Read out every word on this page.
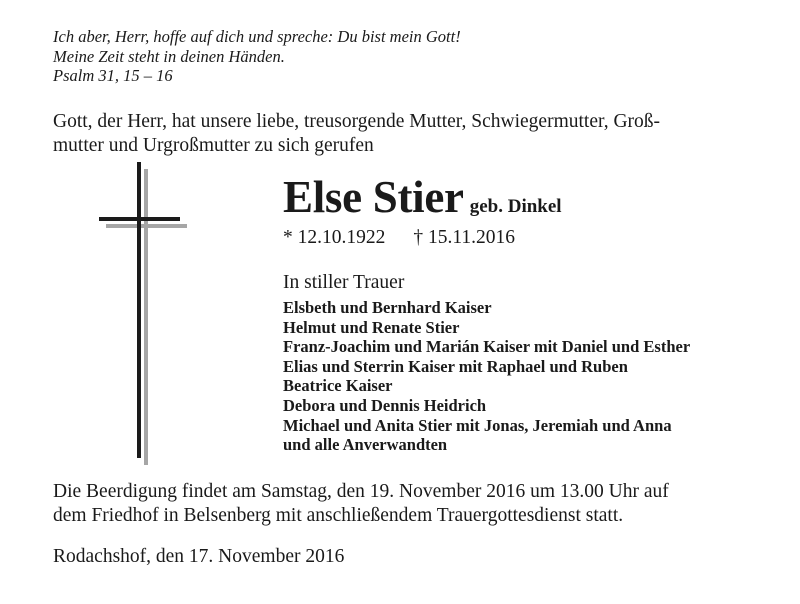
Ich aber, Herr, hoffe auf dich und spreche: Du bist mein Gott!
Meine Zeit steht in deinen Händen.
Psalm 31, 15 – 16
Gott, der Herr, hat unsere liebe, treusorgende Mutter, Schwiegermutter, Groß-
mutter und Urgroßmutter zu sich gerufen
Else Stier geb. Dinkel
* 12.10.1922 † 15.11.2016
In stiller Trauer
Elsbeth und Bernhard Kaiser
Helmut und Renate Stier
Franz-Joachim und Marián Kaiser mit Daniel und Esther
Elias und Sterrin Kaiser mit Raphael und Ruben
Beatrice Kaiser
Debora und Dennis Heidrich
Michael und Anita Stier mit Jonas, Jeremiah und Anna
und alle Anverwandten
Die Beerdigung findet am Samstag, den 19. November 2016 um 13.00 Uhr auf
dem Friedhof in Belsenberg mit anschließendem Trauergottesdienst statt.
Rodachshof, den 17. November 2016
